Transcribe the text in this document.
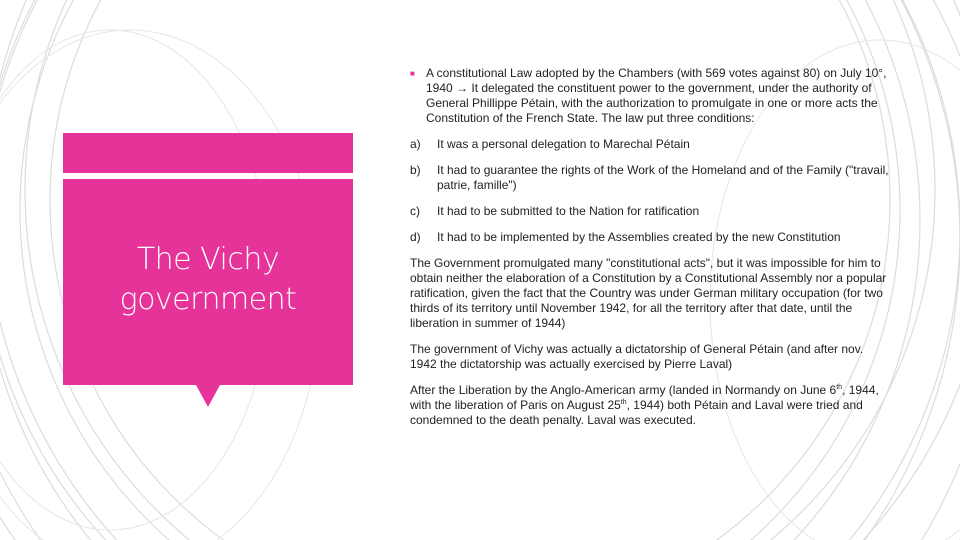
The Vichy
government
■ A constitutional Law adopted by the Chambers (with 569 votes against 80) on July 10°, 1940 → It delegated the constituent power to the government, under the authority of General Phillippe Pétain, with the authorization to promulgate in one or more acts the Constitution of the French State. The law put three conditions:
a)	It was a personal delegation to Marechal Pétain
b)	It had to guarantee the rights of the Work of the Homeland and of the Family ("travail, patrie, famille")
c)	It had to be submitted to the Nation for ratification
d)	It had to be implemented by the Assemblies created by the new Constitution

The Government promulgated many "constitutional acts", but it was impossible for him to obtain neither the elaboration of a Constitution by a Constitutional Assembly nor a popular ratification, given the fact that the Country was under German military occupation (for two thirds of its territory until November 1942, for all the territory after that date, until the liberation in summer of 1944)

The government of Vichy was actually a dictatorship of General Pétain (and after nov. 1942 the dictatorship was actually exercised by Pierre Laval)

After the Liberation by the Anglo-American army (landed in Normandy on June 6th, 1944, with the liberation of Paris on August 25th, 1944) both Pétain and Laval were tried and condemned to the death penalty. Laval was executed.
